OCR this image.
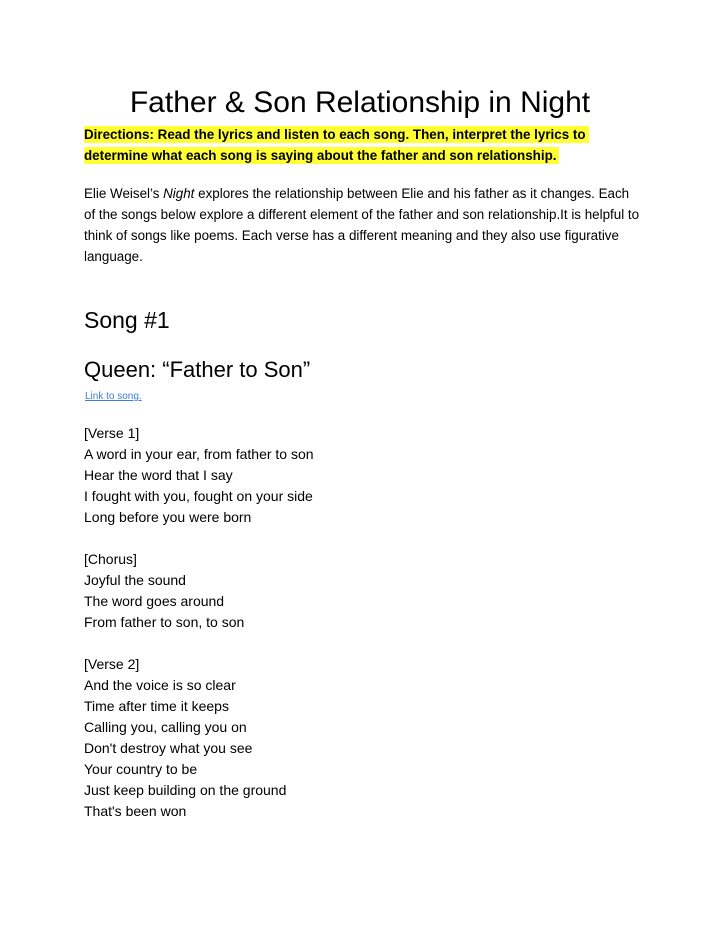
Father & Son Relationship in Night
Directions: Read the lyrics and listen to each song. Then, interpret the lyrics to
determine what each song is saying about the father and son relationship.
Elie Weisel’s Night explores the relationship between Elie and his father as it changes. Each of the songs below explore a different element of the father and son relationship.It is helpful to think of songs like poems. Each verse has a different meaning and they also use figurative language.
Song #1
Queen: “Father to Son”
Link to song.
[Verse 1]
A word in your ear, from father to son
Hear the word that I say
I fought with you, fought on your side
Long before you were born
[Chorus]
Joyful the sound
The word goes around
From father to son, to son
[Verse 2]
And the voice is so clear
Time after time it keeps
Calling you, calling you on
Don't destroy what you see
Your country to be
Just keep building on the ground
That's been won
